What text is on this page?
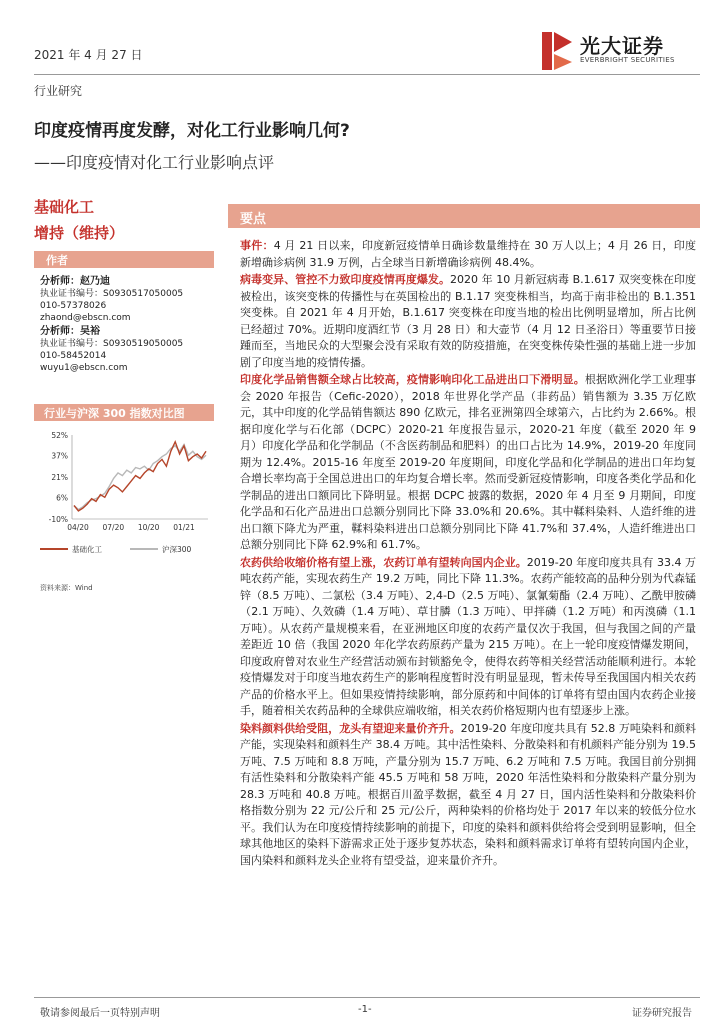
2021 年 4 月 27 日	光大证券
EVERBRIGHT SECURITIES
行业研究
印度疫情再度发酵，对化工行业影响几何?
——印度疫情对化工行业影响点评
基础化工
增持（维持）
作者
分析师：赵乃迪
执业证书编号：S0930517050005
010-57378026
zhaond@ebscn.com
分析师：吴裕
执业证书编号：S0930519050005
010-58452014
wuyu1@ebscn.com
行业与沪深 300 指数对比图
52%
37%
21%
6%
-10%
04/20 07/20 10/20 01/21
基础化工	沪深300
资料来源：Wind
要点

事件：4 月 21 日以来，印度新冠疫情单日确诊数量维持在 30 万人以上；4 月 26 日，印度新增确诊病例 31.9 万例，占全球当日新增确诊病例 48.4%。

病毒变异、管控不力致印度疫情再度爆发。2020 年 10 月新冠病毒 B.1.617 双突变株在印度被检出，该突变株的传播性与在英国检出的 B.1.17 突变株相当，均高于南非检出的 B.1.351 突变株。自 2021 年 4 月开始，B.1.617 突变株在印度当地的检出比例明显增加，所占比例已经超过 70%。近期印度酒红节（3 月 28 日）和大壶节（4 月 12 日圣浴日）等重要节日接踵而至，当地民众的大型聚会没有采取有效的防疫措施，在突变株传染性强的基础上进一步加剧了印度当地的疫情传播。

印度化学品销售额全球占比较高，疫情影响印化工品进出口下滑明显。根据欧洲化学工业理事会 2020 年报告（Cefic-2020），2018 年世界化学产品（非药品）销售额为 3.35 万亿欧元，其中印度的化学品销售额达 890 亿欧元，排名亚洲第四全球第六，占比约为 2.66%。根据印度化学与石化部（DCPC）2020-21 年度报告显示，2020-21 年度（截至 2020 年 9 月）印度化学品和化学制品（不含医药制品和肥料）的出口占比为 14.9%，2019-20 年度同期为 12.4%。2015-16 年度至 2019-20 年度期间，印度化学品和化学制品的进出口年均复合增长率均高于全国总进出口的年均复合增长率。然而受新冠疫情影响，印度各类化学品和化学制品的进出口额同比下降明显。根据 DCPC 披露的数据，2020 年 4 月至 9 月期间，印度化学品和石化产品进出口总额分别同比下降 33.0%和 20.6%。其中鞣料染料、人造纤维的进出口额下降尤为严重，鞣料染料进出口总额分别同比下降 41.7%和 37.4%，人造纤维进出口总额分别同比下降 62.9%和 61.7%。

农药供给收缩价格有望上涨，农药订单有望转向国内企业。2019-20 年度印度共具有 33.4 万吨农药产能，实现农药生产 19.2 万吨，同比下降 11.3%。农药产能较高的品种分别为代森锰锌（8.5 万吨）、二氯松（3.4 万吨）、2,4-D（2.5 万吨）、氯氰菊酯（2.4 万吨）、乙酰甲胺磷（2.1 万吨）、久效磷（1.4 万吨）、草甘膦（1.3 万吨）、甲拌磷（1.2 万吨）和丙溴磷（1.1 万吨）。从农药产量规模来看，在亚洲地区印度的农药产量仅次于我国，但与我国之间的产量差距近 10 倍（我国 2020 年化学农药原药产量为 215 万吨）。在上一轮印度疫情爆发期间，印度政府曾对农业生产经营活动颁布封锁豁免令，使得农药等相关经营活动能顺利进行。本轮疫情爆发对于印度当地农药生产的影响程度暂时没有明显显现，暂未传导至我国国内相关农药产品的价格水平上。但如果疫情持续影响，部分原药和中间体的订单将有望由国内农药企业接手，随着相关农药品种的全球供应端收缩，相关农药价格短期内也有望逐步上涨。

染料颜料供给受阻，龙头有望迎来量价齐升。2019-20 年度印度共具有 52.8 万吨染料和颜料产能，实现染料和颜料生产 38.4 万吨。其中活性染料、分散染料和有机颜料产能分别为 19.5 万吨、7.5 万吨和 8.8 万吨，产量分别为 15.7 万吨、6.2 万吨和 7.5 万吨。我国目前分别拥有活性染料和分散染料产能 45.5 万吨和 58 万吨，2020 年活性染料和分散染料产量分别为 28.3 万吨和 40.8 万吨。根据百川盈孚数据，截至 4 月 27 日，国内活性染料和分散染料价格指数分别为 22 元/公斤和 25 元/公斤，两种染料的价格均处于 2017 年以来的较低分位水平。我们认为在印度疫情持续影响的前提下，印度的染料和颜料供给将会受到明显影响，但全球其他地区的染料下游需求正处于逐步复苏状态，染料和颜料需求订单将有望转向国内企业，国内染料和颜料龙头企业将有望受益，迎来量价齐升。

敬请参阅最后一页特别声明	-1-	证券研究报告
